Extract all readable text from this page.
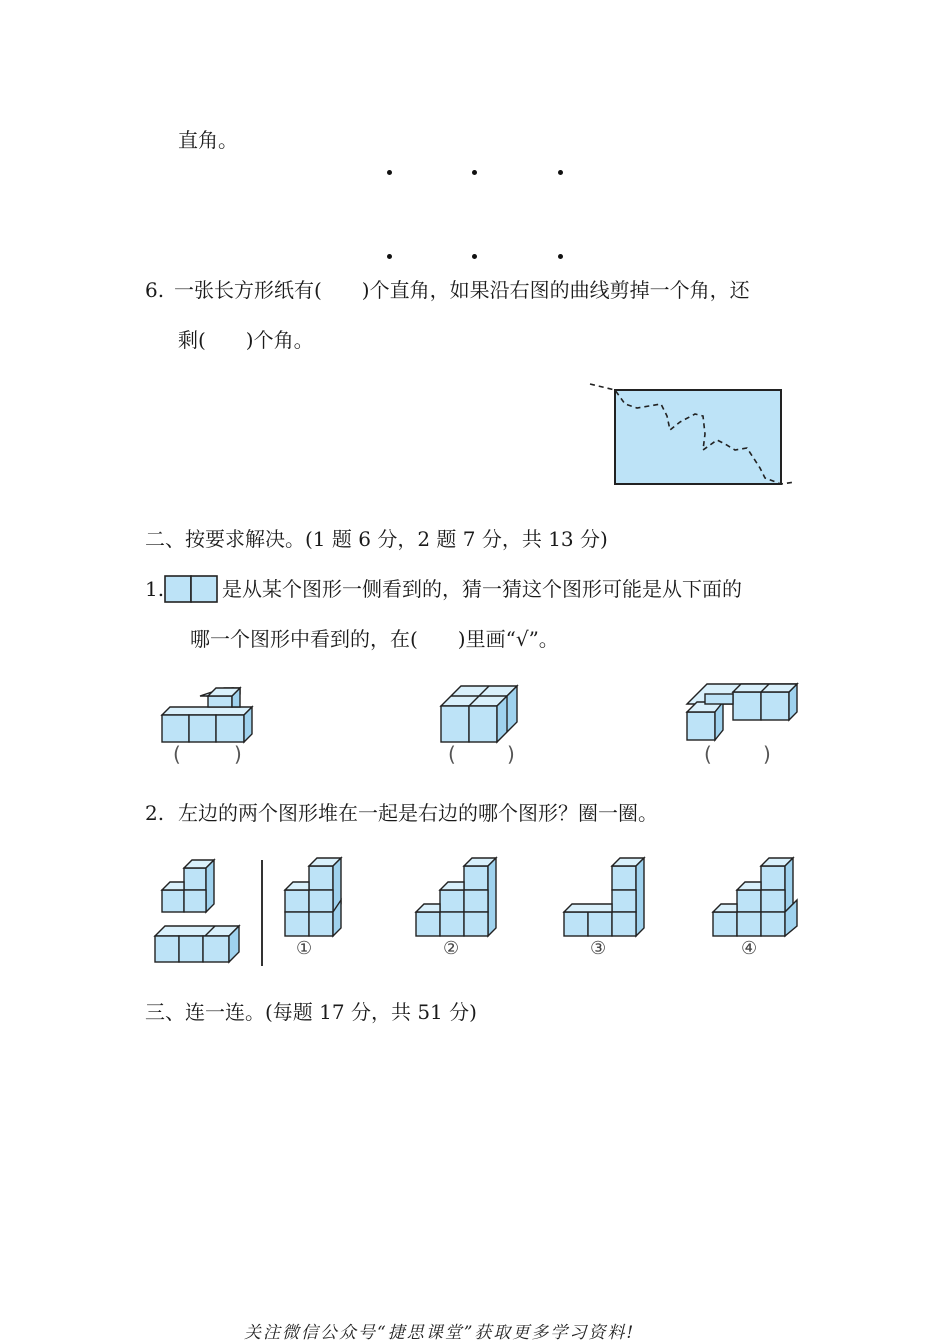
直角。
6. 一张长方形纸有(　　)个直角，如果沿右图的曲线剪掉一个角，还
剩(　　)个角。
二、按要求解决。(1 题 6 分，2 题 7 分，共 13 分)
1.	是从某个图形一侧看到的，猜一猜这个图形可能是从下面的
哪一个图形中看到的，在(　　)里画“√”。
(	)	(	)	(	)
2. 左边的两个图形堆在一起是右边的哪个图形？圈一圈。
①	②	③	④
三、连一连。(每题 17 分，共 51 分)
关注微信公众号“捷思课堂”获取更多学习资料!
